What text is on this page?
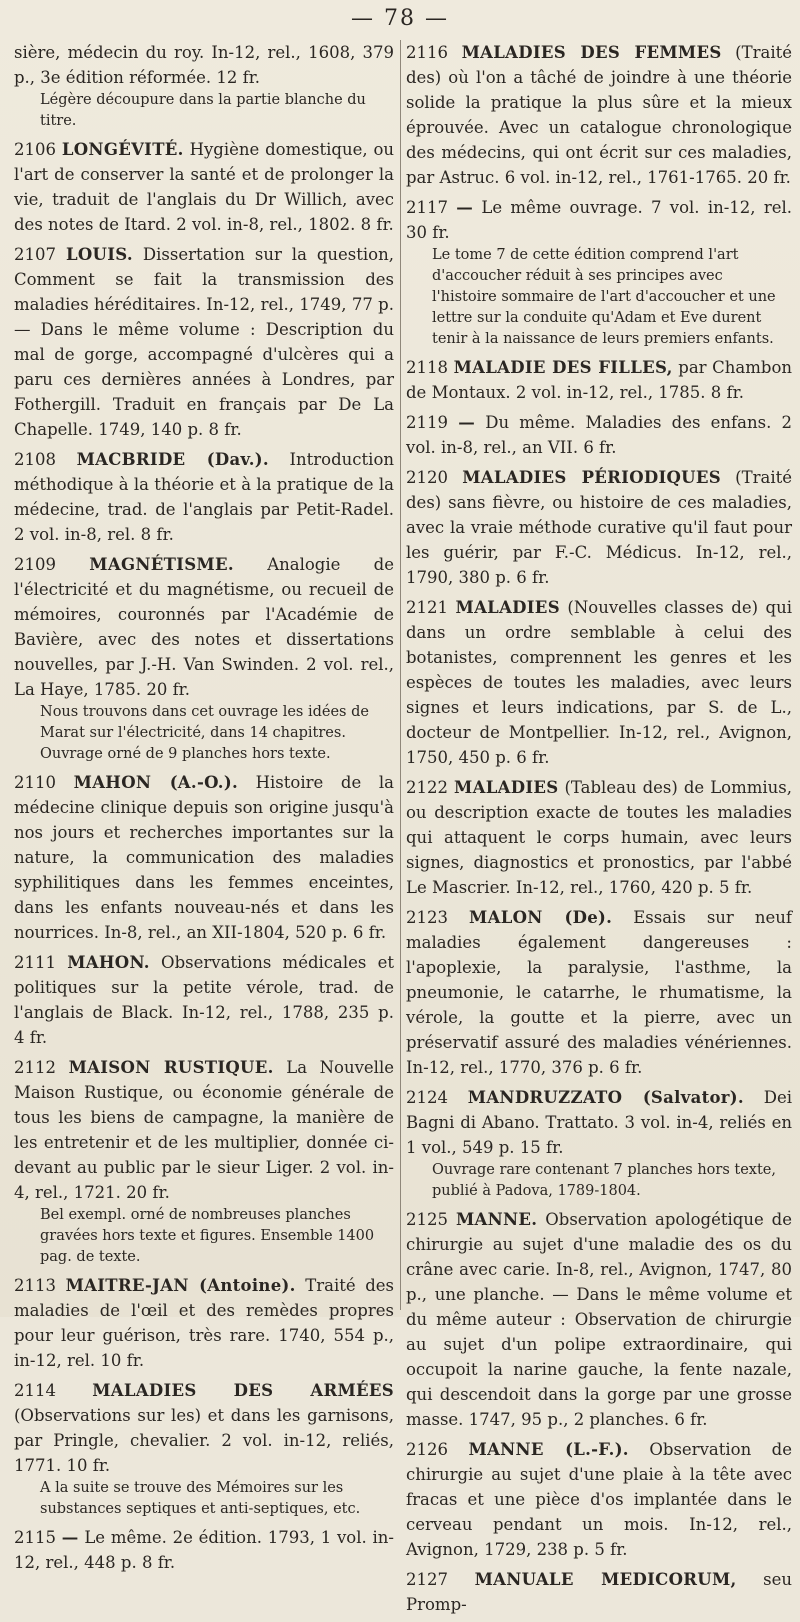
— 78 —
sière, médecin du roy. In-12, rel., 1608, 379 p., 3e édition réformée. 12 fr.
Légère découpure dans la partie blanche du titre.
2106 LONGÉVITÉ. Hygiène domestique, ou l'art de conserver la santé et de prolonger la vie, traduit de l'anglais du Dr Willich, avec des notes de Itard. 2 vol. in-8, rel., 1802. 8 fr.
2107 LOUIS. Dissertation sur la question, Comment se fait la transmission des maladies héréditaires. In-12, rel., 1749, 77 p. — Dans le même volume : Description du mal de gorge, accompagné d'ulcères qui a paru ces dernières années à Londres, par Fothergill. Traduit en français par De La Chapelle. 1749, 140 p. 8 fr.
2108 MACBRIDE (Dav.). Introduction méthodique à la théorie et à la pratique de la médecine, trad. de l'anglais par Petit-Radel. 2 vol. in-8, rel. 8 fr.
2109 MAGNÉTISME. Analogie de l'électricité et du magnétisme, ou recueil de mémoires, couronnés par l'Académie de Bavière, avec des notes et dissertations nouvelles, par J.-H. Van Swinden. 2 vol. rel., La Haye, 1785. 20 fr.
Nous trouvons dans cet ouvrage les idées de Marat sur l'électricité, dans 14 chapitres. Ouvrage orné de 9 planches hors texte.
2110 MAHON (A.-O.). Histoire de la médecine clinique depuis son origine jusqu'à nos jours et recherches importantes sur la nature, la communication des maladies syphilitiques dans les femmes enceintes, dans les enfants nouveau-nés et dans les nourrices. In-8, rel., an XII-1804, 520 p. 6 fr.
2111 MAHON. Observations médicales et politiques sur la petite vérole, trad. de l'anglais de Black. In-12, rel., 1788, 235 p. 4 fr.
2112 MAISON RUSTIQUE. La Nouvelle Maison Rustique, ou économie générale de tous les biens de campagne, la manière de les entretenir et de les multiplier, donnée ci-devant au public par le sieur Liger. 2 vol. in-4, rel., 1721. 20 fr.
Bel exempl. orné de nombreuses planches gravées hors texte et figures. Ensemble 1400 pag. de texte.
2113 MAITRE-JAN (Antoine). Traité des maladies de l'œil et des remèdes propres pour leur guérison, très rare. 1740, 554 p., in-12, rel. 10 fr.
2114 MALADIES DES ARMÉES (Observations sur les) et dans les garnisons, par Pringle, chevalier. 2 vol. in-12, reliés, 1771. 10 fr.
A la suite se trouve des Mémoires sur les substances septiques et anti-septiques, etc.
2115 — Le même. 2e édition. 1793, 1 vol. in-12, rel., 448 p. 8 fr.
2116 MALADIES DES FEMMES (Traité des) où l'on a tâché de joindre à une théorie solide la pratique la plus sûre et la mieux éprouvée. Avec un catalogue chronologique des médecins, qui ont écrit sur ces maladies, par Astruc. 6 vol. in-12, rel., 1761-1765. 20 fr.
2117 — Le même ouvrage. 7 vol. in-12, rel. 30 fr.
Le tome 7 de cette édition comprend l'art d'accoucher réduit à ses principes avec l'histoire sommaire de l'art d'accoucher et une lettre sur la conduite qu'Adam et Eve durent tenir à la naissance de leurs premiers enfants.
2118 MALADIE DES FILLES, par Chambon de Montaux. 2 vol. in-12, rel., 1785. 8 fr.
2119 — Du même. Maladies des enfans. 2 vol. in-8, rel., an VII. 6 fr.
2120 MALADIES PÉRIODIQUES (Traité des) sans fièvre, ou histoire de ces maladies, avec la vraie méthode curative qu'il faut pour les guérir, par F.-C. Médicus. In-12, rel., 1790, 380 p. 6 fr.
2121 MALADIES (Nouvelles classes de) qui dans un ordre semblable à celui des botanistes, comprennent les genres et les espèces de toutes les maladies, avec leurs signes et leurs indications, par S. de L., docteur de Montpellier. In-12, rel., Avignon, 1750, 450 p. 6 fr.
2122 MALADIES (Tableau des) de Lommius, ou description exacte de toutes les maladies qui attaquent le corps humain, avec leurs signes, diagnostics et pronostics, par l'abbé Le Mascrier. In-12, rel., 1760, 420 p. 5 fr.
2123 MALON (De). Essais sur neuf maladies également dangereuses : l'apoplexie, la paralysie, l'asthme, la pneumonie, le catarrhe, le rhumatisme, la vérole, la goutte et la pierre, avec un préservatif assuré des maladies vénériennes. In-12, rel., 1770, 376 p. 6 fr.
2124 MANDRUZZATO (Salvator). Dei Bagni di Abano. Trattato. 3 vol. in-4, reliés en 1 vol., 549 p. 15 fr.
Ouvrage rare contenant 7 planches hors texte, publié à Padova, 1789-1804.
2125 MANNE. Observation apologétique de chirurgie au sujet d'une maladie des os du crâne avec carie. In-8, rel., Avignon, 1747, 80 p., une planche. — Dans le même volume et du même auteur : Observation de chirurgie au sujet d'un polipe extraordinaire, qui occupoit la narine gauche, la fente nazale, qui descendoit dans la gorge par une grosse masse. 1747, 95 p., 2 planches. 6 fr.
2126 MANNE (L.-F.). Observation de chirurgie au sujet d'une plaie à la tête avec fracas et une pièce d'os implantée dans le cerveau pendant un mois. In-12, rel., Avignon, 1729, 238 p. 5 fr.
2127 MANUALE MEDICORUM, seu Promp-
